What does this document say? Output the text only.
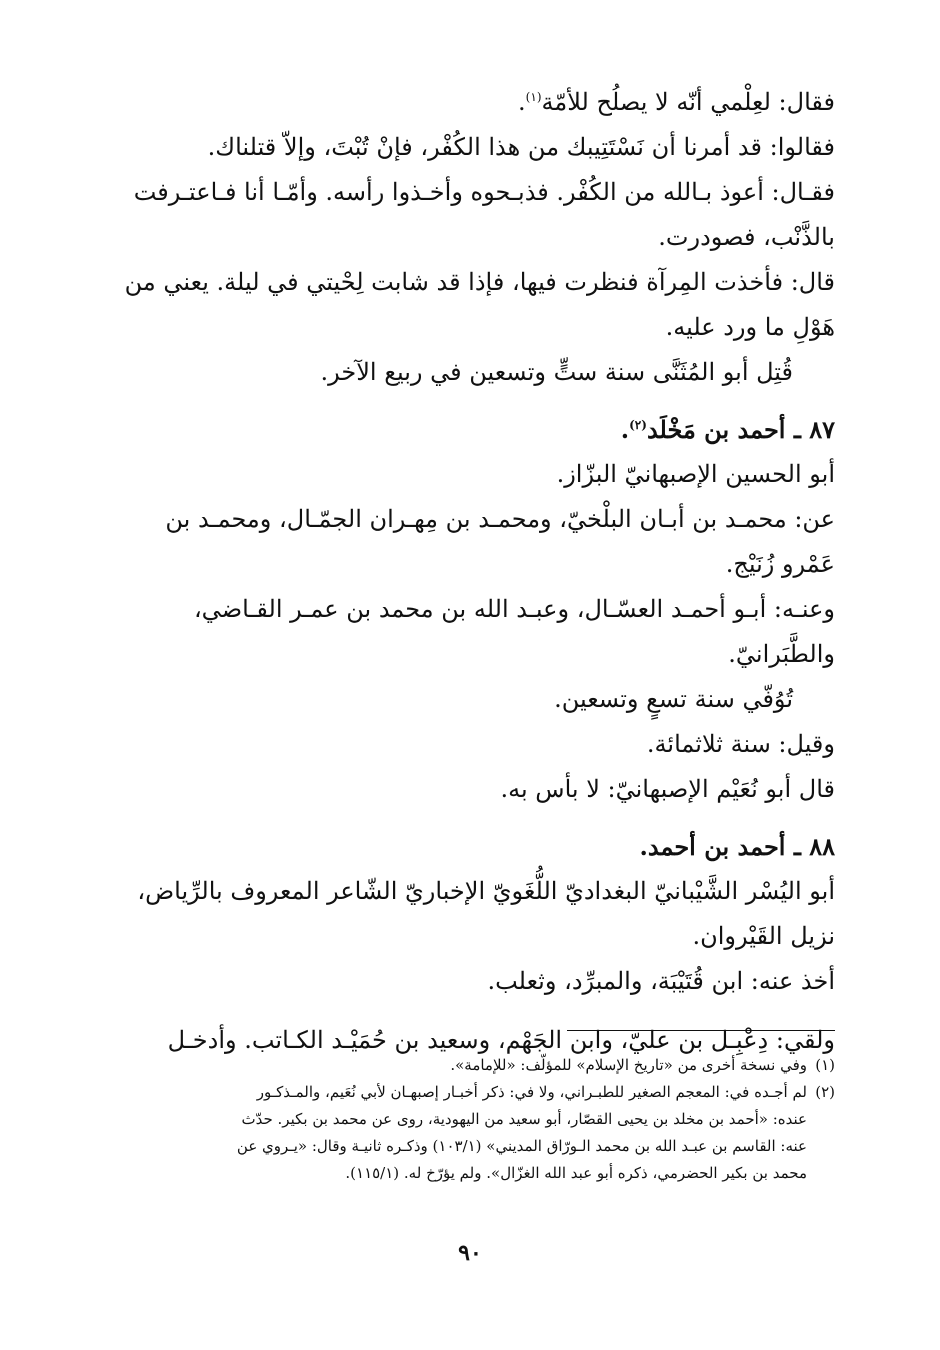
فقال: لعِلْمي أنّه لا يصلُح للأمّة$^{(١)}$.
فقالوا: قد أمرنا أن نَسْتَتِيبك من هذا الكُفْر، فإنْ تُبْتَ، وإلاّ قتلناك.
فقـال: أعوذ بـالله من الكُفْر. فذبـحوه وأخـذوا رأسه. وأمّـا أنا فـاعتـرفت
بالذَّنْب، فصودرت.
قال: فأخذت المِرآة فنظرت فيها، فإذا قد شابت لِحْيتي في ليلة. يعني من
هَوْلِ ما ورد عليه.
قُتِل أبو المُثَنَّى سنة ستٍّ وتسعين في ربيع الآخر.
٨٧ ـ أحمد بن مَخْلَد$^{(٢)}$.
أبو الحسين الإصبهانيّ البزّاز.
عن: محمـد بن أبـان البلْخيّ، ومحمـد بن مِهـران الجمّـال، ومحمـد بن
عَمْرو زُنَيْج.
وعنـه: أبـو أحمـد العسّـال، وعبـد الله بن محمد بن عمـر القـاضي،
والطَّبَرانيّ.
تُوُفّي سنة تسعٍ وتسعين.
وقيل: سنة ثلاثمائة.
قال أبو نُعَيْم الإصبهانيّ: لا بأس به.
٨٨ ـ أحمد بن أحمد.
أبو اليُسْر الشَّيْبانيّ البغداديّ اللُّغَويّ الإخباريّ الشّاعر المعروف بالرِّياض،
نزيل القَيْروان.
أخذ عنه: ابن قُتَيْبَة، والمبرِّد، وثعلب.
ولقي: دِعْبِـل بن عليّ، وابن الجَهْم، وسعيد بن حُمَيْـد الكـاتب. وأدخـل
(١)وفي نسخة أخرى من «تاريخ الإسلام» للمؤلّف: «للإمامة».
(٢)لم أجـده في: المعجم الصغير للطبـراني، ولا في: ذكر أخبـار إصبهـان لأبي نُعَيم، والمـذكـور
عنده: «أحمد بن مخلد بن يحيى القصّار، أبو سعيد من اليهودية، روى عن محمد بن بكير. حدّث
عنه: القاسم بن عبـد الله بن محمد الـورّاق المديني» (١٠٣/١) وذكـره ثانيـة وقال: «يـروي عن
محمد بن بكير الحضرمي، ذكره أبو عبد الله الغزّال». ولم يؤرّخ له. (١١٥/١).
٩٠
